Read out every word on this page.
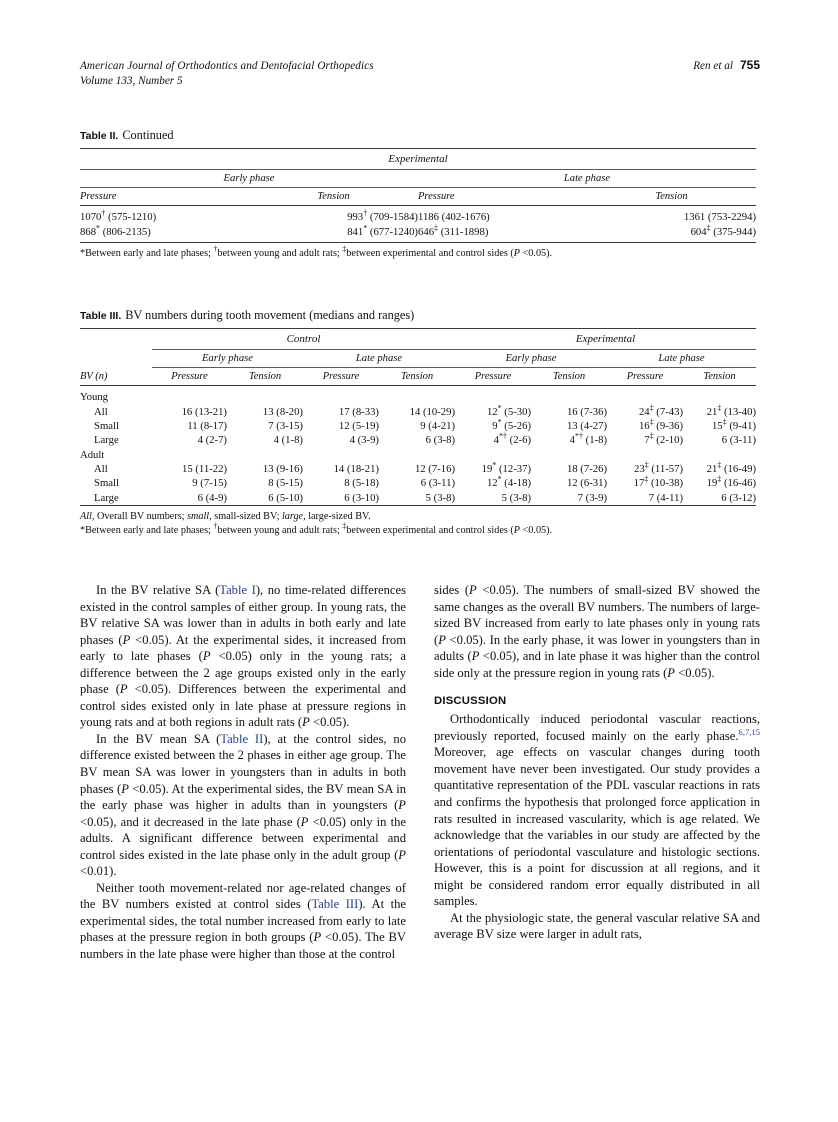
American Journal of Orthodontics and Dentofacial Orthopedics	Ren et al 755
Volume 133, Number 5
Table II. Continued
Experimental			
Early phase		Late phase	
Pressure	Tension	Pressure	Tension

1070† (575-1210)	993† (709-1584)	1186 (402-1676)	1361 (753-2294)
868* (806-2135)	841* (677-1240)	646‡ (311-1898)	604‡ (375-944)
*Between early and late phases; †between young and adult rats; ‡between experimental and control sides (P <0.05).
Table III. BV numbers during tooth movement (medians and ranges)
	Control				Experimental			
	Early phase		Late phase		Early phase		Late phase	
BV (n)	Pressure	Tension	Pressure	Tension	Pressure	Tension	Pressure	Tension

Young								
All	16 (13-21)	13 (8-20)	17 (8-33)	14 (10-29)	12* (5-30)	16 (7-36)	24‡ (7-43)	21‡ (13-40)
Small	11 (8-17)	7 (3-15)	12 (5-19)	9 (4-21)	9* (5-26)	13 (4-27)	16‡ (9-36)	15‡ (9-41)
Large	4 (2-7)	4 (1-8)	4 (3-9)	6 (3-8)	4*† (2-6)	4*† (1-8)	7‡ (2-10)	6 (3-11)
Adult								
All	15 (11-22)	13 (9-16)	14 (18-21)	12 (7-16)	19* (12-37)	18 (7-26)	23‡ (11-57)	21‡ (16-49)
Small	9 (7-15)	8 (5-15)	8 (5-18)	6 (3-11)	12* (4-18)	12 (6-31)	17‡ (10-38)	19‡ (16-46)
Large	6 (4-9)	6 (5-10)	6 (3-10)	5 (3-8)	5 (3-8)	7 (3-9)	7 (4-11)	6 (3-12)
All, Overall BV numbers; small, small-sized BV; large, large-sized BV.
*Between early and late phases; †between young and adult rats; ‡between experimental and control sides (P <0.05).

In the BV relative SA (Table I), no time-related differences existed in the control samples of either group. In young rats, the BV relative SA was lower than in adults in both early and late phases (P <0.05). At the experimental sides, it increased from early to late phases (P <0.05) only in the young rats; a difference between the 2 age groups existed only in the early phase (P <0.05). Differences between the experimental and control sides existed only in late phase at pressure regions in young rats and at both regions in adult rats (P <0.05).

In the BV mean SA (Table II), at the control sides, no difference existed between the 2 phases in either age group. The BV mean SA was lower in youngsters than in adults in both phases (P <0.05). At the experimental sides, the BV mean SA in the early phase was higher in adults than in youngsters (P <0.05), and it decreased in the late phase (P <0.05) only in the adults. A significant difference between experimental and control sides existed in the late phase only in the adult group (P <0.01).

Neither tooth movement-related nor age-related changes of the BV numbers existed at control sides (Table III). At the experimental sides, the total number increased from early to late phases at the pressure region in both groups (P <0.05). The BV numbers in the late phase were higher than those at the control

sides (P <0.05). The numbers of small-sized BV showed the same changes as the overall BV numbers. The numbers of large-sized BV increased from early to late phases only in young rats (P <0.05). In the early phase, it was lower in youngsters than in adults (P <0.05), and in late phase it was higher than the control side only at the pressure region in young rats (P <0.05).

DISCUSSION

Orthodontically induced periodontal vascular reactions, previously reported, focused mainly on the early phase.$^{6,7,15}$ Moreover, age effects on vascular changes during tooth movement have never been investigated. Our study provides a quantitative representation of the PDL vascular reactions in rats and confirms the hypothesis that prolonged force application in rats resulted in increased vascularity, which is age related. We acknowledge that the variables in our study are affected by the orientations of periodontal vasculature and histologic sections. However, this is a point for discussion at all regions, and it might be considered random error equally distributed in all samples.

At the physiologic state, the general vascular relative SA and average BV size were larger in adult rats,
